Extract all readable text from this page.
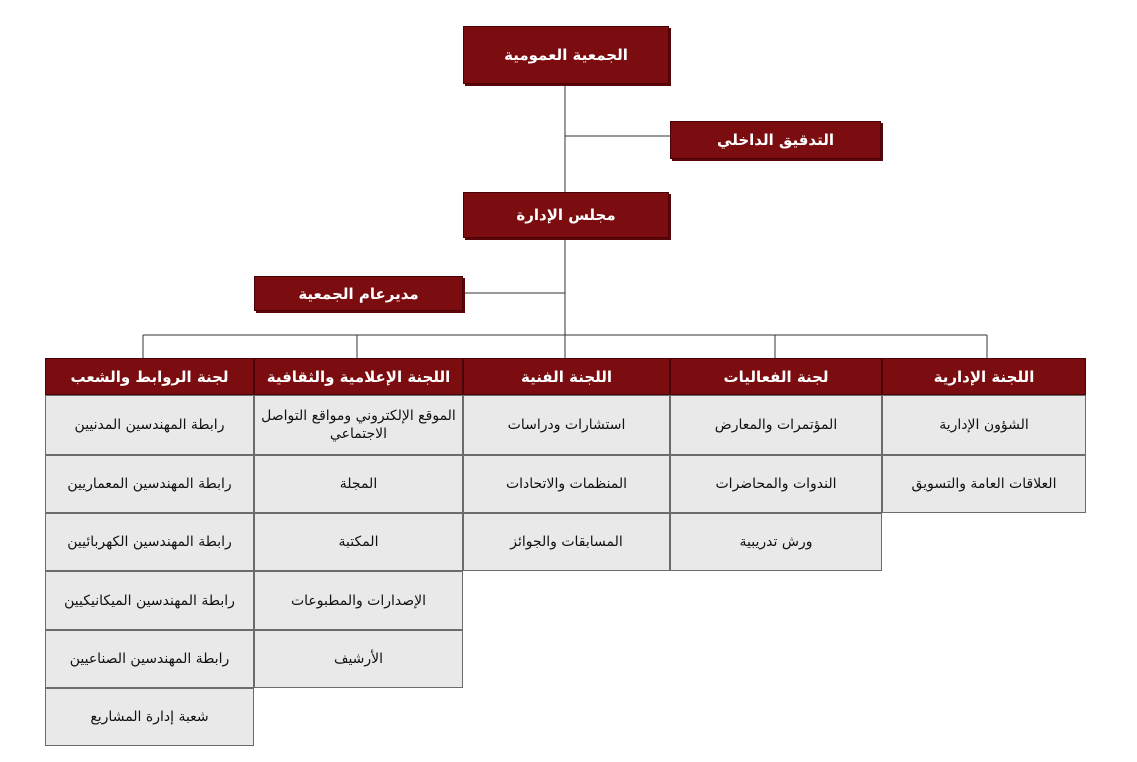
الجمعية العمومية
التدقيق الداخلي
مجلس الإدارة
مديرعام الجمعية
اللجنة الإدارية
لجنة الفعاليات
اللجنة الفنية
اللجنة الإعلامية والثقافية
لجنة الروابط والشعب
الشؤون الإدارية
العلاقات العامة والتسويق
المؤتمرات والمعارض
الندوات والمحاضرات
ورش تدريبية
استشارات ودراسات
المنظمات والاتحادات
المسابقات والجوائز
الموقع الإلكتروني ومواقع التواصل الاجتماعي
المجلة
المكتبة
الإصدارات والمطبوعات
الأرشيف
رابطة المهندسين المدنيين
رابطة المهندسين المعماريين
رابطة المهندسين الكهربائيين
رابطة المهندسين الميكانيكيين
رابطة المهندسين الصناعيين
شعبة إدارة المشاريع
